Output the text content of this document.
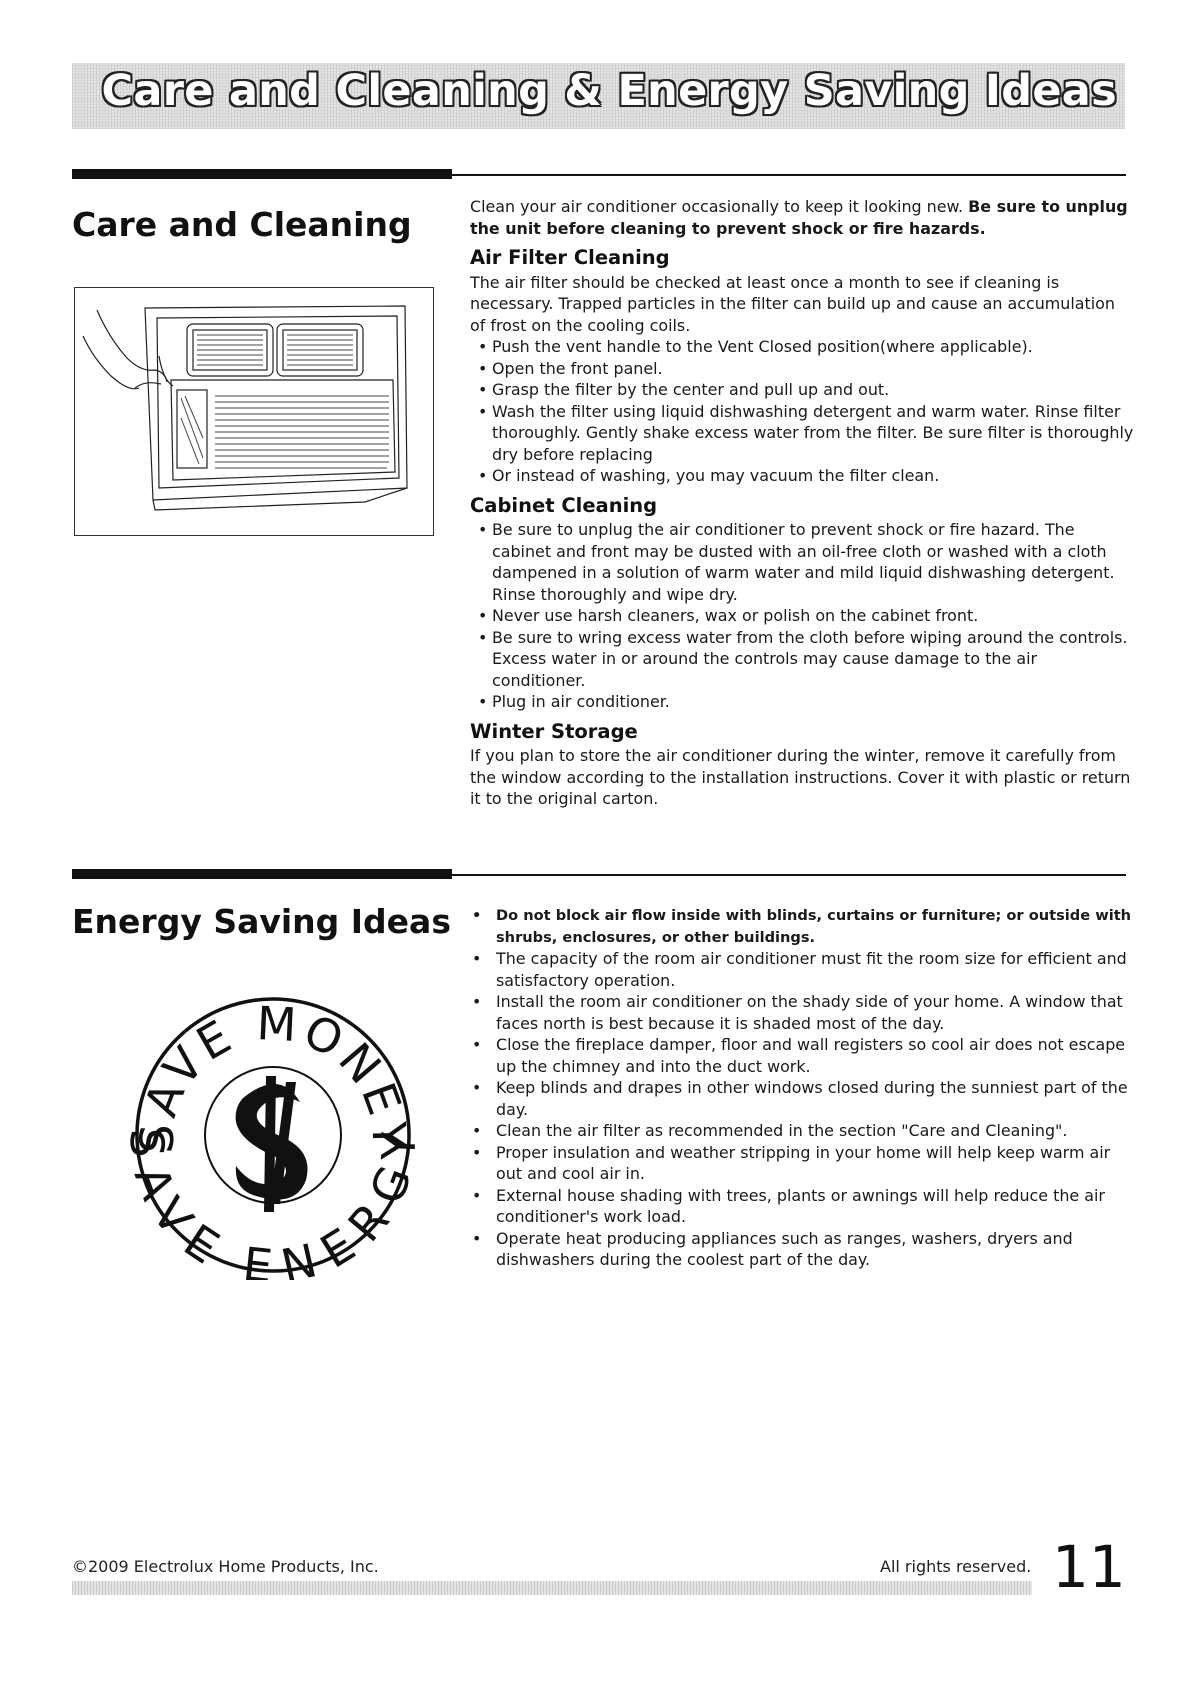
Care and Cleaning & Energy Saving Ideas
Care and Cleaning	Clean your air conditioner occasionally to keep it looking new. Be sure to unplug the unit before cleaning to prevent shock or fire hazards.

Air Filter Cleaning

The air filter should be checked at least once a month to see if cleaning is necessary. Trapped particles in the filter can build up and cause an accumulation of frost on the cooling coils.

• Push the vent handle to the Vent Closed position(where applicable).
• Open the front panel.
• Grasp the filter by the center and pull up and out.
• Wash the filter using liquid dishwashing detergent and warm water. Rinse filter thoroughly. Gently shake excess water from the filter. Be sure filter is thoroughly dry before replacing
• Or instead of washing, you may vacuum the filter clean.
Cabinet Cleaning
• Be sure to unplug the air conditioner to prevent shock or fire hazard. The cabinet and front may be dusted with an oil-free cloth or washed with a cloth dampened in a solution of warm water and mild liquid dishwashing detergent. Rinse thoroughly and wipe dry.
• Never use harsh cleaners, wax or polish on the cabinet front.
• Be sure to wring excess water from the cloth before wiping around the controls. Excess water in or around the controls may cause damage to the air conditioner.
• Plug in air conditioner.
Winter Storage

If you plan to store the air conditioner during the winter, remove it carefully from the window according to the installation instructions. Cover it with plastic or return it to the original carton.

Energy Saving Ideas
SAVE MONEY
AVE ENERG
• Do not block air flow inside with blinds, curtains or furniture; or outside with shrubs, enclosures, or other buildings.
• The capacity of the room air conditioner must fit the room size for efficient and satisfactory operation.
• Install the room air conditioner on the shady side of your home. A window that faces north is best because it is shaded most of the day.
• Close the fireplace damper, floor and wall registers so cool air does not escape up the chimney and into the duct work.
• Keep blinds and drapes in other windows closed during the sunniest part of the day.
• Clean the air filter as recommended in the section "Care and Cleaning".
• Proper insulation and weather stripping in your home will help keep warm air out and cool air in.
• External house shading with trees, plants or awnings will help reduce the air conditioner's work load.
• Operate heat producing appliances such as ranges, washers, dryers and dishwashers during the coolest part of the day.
©2009 Electrolux Home Products, Inc.	All rights reserved. 11
